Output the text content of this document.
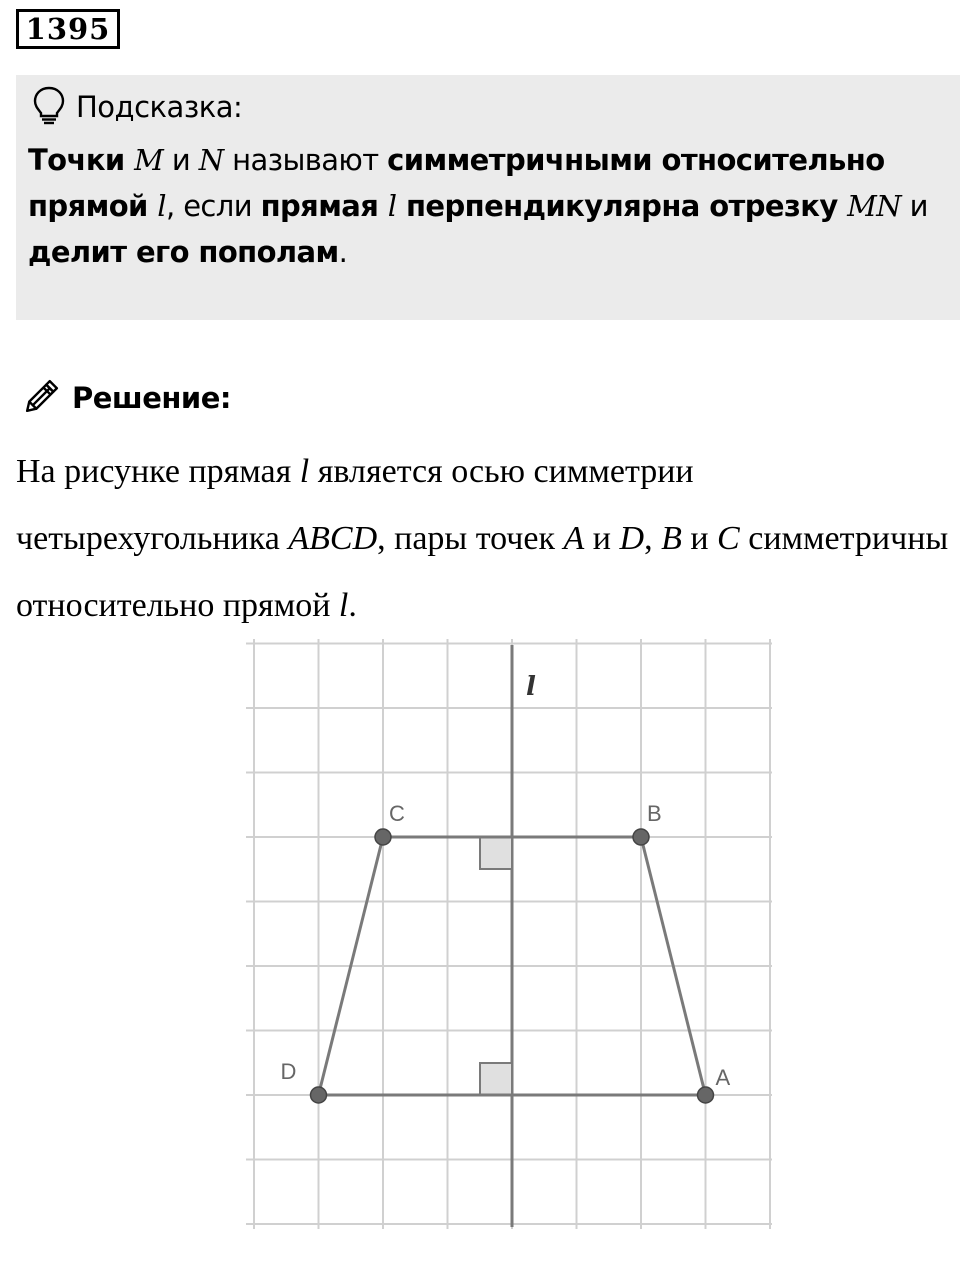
1395
Подсказка:
Точки M и N называют симметричными относительно прямой l, если прямая l перпендикулярна отрезку MN и делит его пополам.
Решение:
На рисунке прямая l является осью симметрии четырехугольника ABCD, пары точек A и D, B и C симметричны относительно прямой l.
l
A
B
C
D
